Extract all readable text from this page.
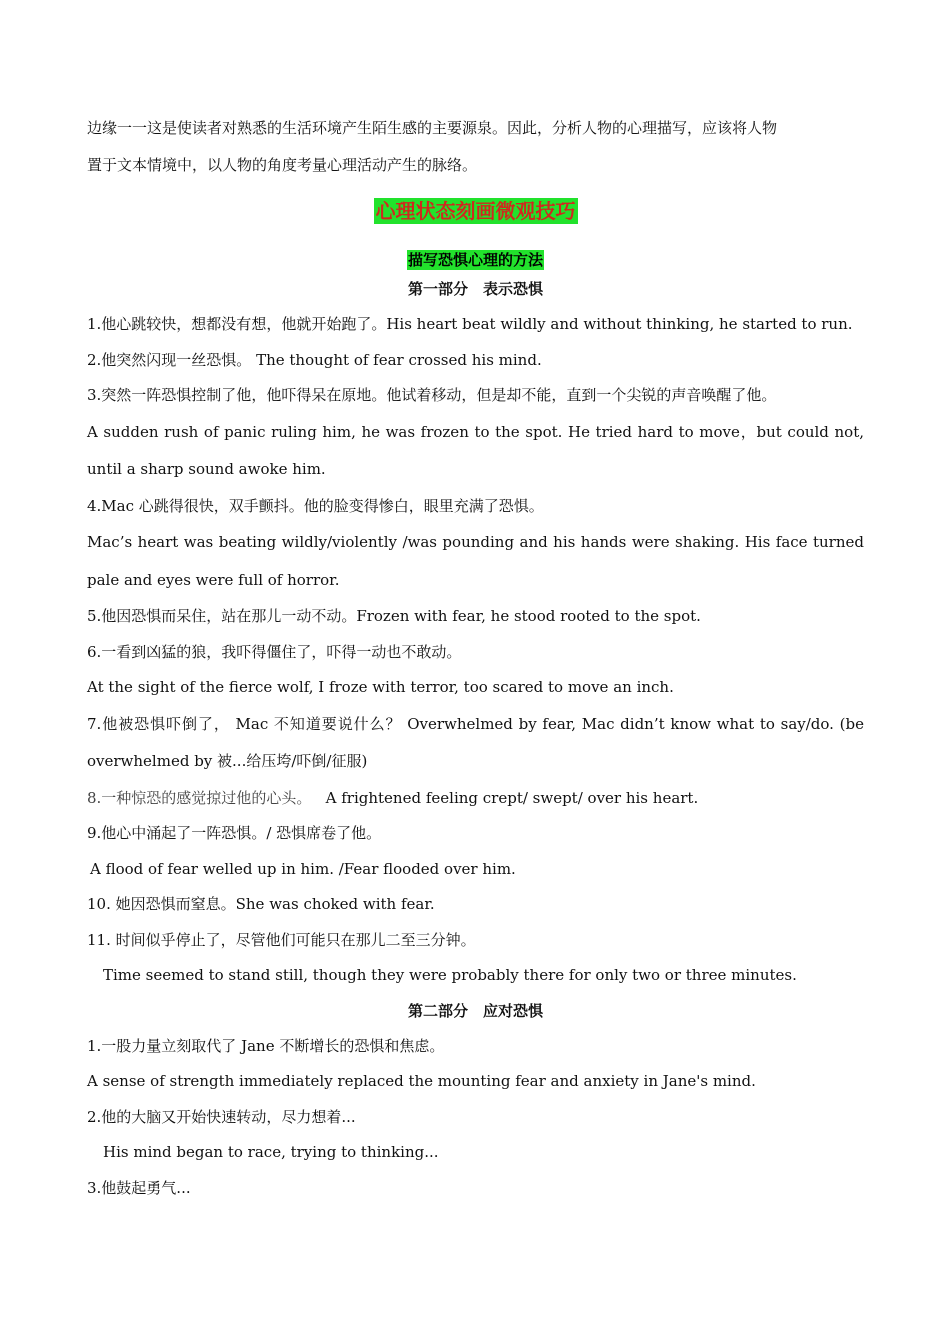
边缘一一这是使读者对熟悉的生活环境产生陌生感的主要源泉。因此，分析人物的心理描写，应该将人物

置于文本情境中，以人物的角度考量心理活动产生的脉络。

心理状态刻画微观技巧
描写恐惧心理的方法
第一部分　表示恐惧
1.他心跳较快，想都没有想，他就开始跑了。His heart beat wildly and without thinking, he started to run.
2.他突然闪现一丝恐惧。 The thought of fear crossed his mind.
3.突然一阵恐惧控制了他，他吓得呆在原地。他试着移动，但是却不能，直到一个尖锐的声音唤醒了他。
A sudden rush of panic ruling him, he was frozen to the spot. He tried hard to move，but could not, until a sharp sound awoke him.
4.Mac 心跳得很快，双手颤抖。他的脸变得惨白，眼里充满了恐惧。
Mac’s heart was beating wildly/violently /was pounding and his hands were shaking. His face turned pale and eyes were full of horror.
5.他因恐惧而呆住，站在那儿一动不动。Frozen with fear, he stood rooted to the spot.
6.一看到凶猛的狼，我吓得僵住了，吓得一动也不敢动。
At the sight of the fierce wolf, I froze with terror, too scared to move an inch.
7.他被恐惧吓倒了， Mac 不知道要说什么？ Overwhelmed by fear, Mac didn’t know what to say/do. (be overwhelmed by 被...给压垮/吓倒/征服)
8.一种惊恐的感觉掠过他的心头。 A frightened feeling crept/ swept/ over his heart.
9.他心中涌起了一阵恐惧。/ 恐惧席卷了他。
A flood of fear welled up in him. /Fear flooded over him.
10. 她因恐惧而窒息。She was choked with fear.
11. 时间似乎停止了，尽管他们可能只在那儿二至三分钟。
Time seemed to stand still, though they were probably there for only two or three minutes.
第二部分　应对恐惧
1.一股力量立刻取代了 Jane 不断增长的恐惧和焦虑。
A sense of strength immediately replaced the mounting fear and anxiety in Jane's mind.
2.他的大脑又开始快速转动，尽力想着...
His mind began to race, trying to thinking...
3.他鼓起勇气...
